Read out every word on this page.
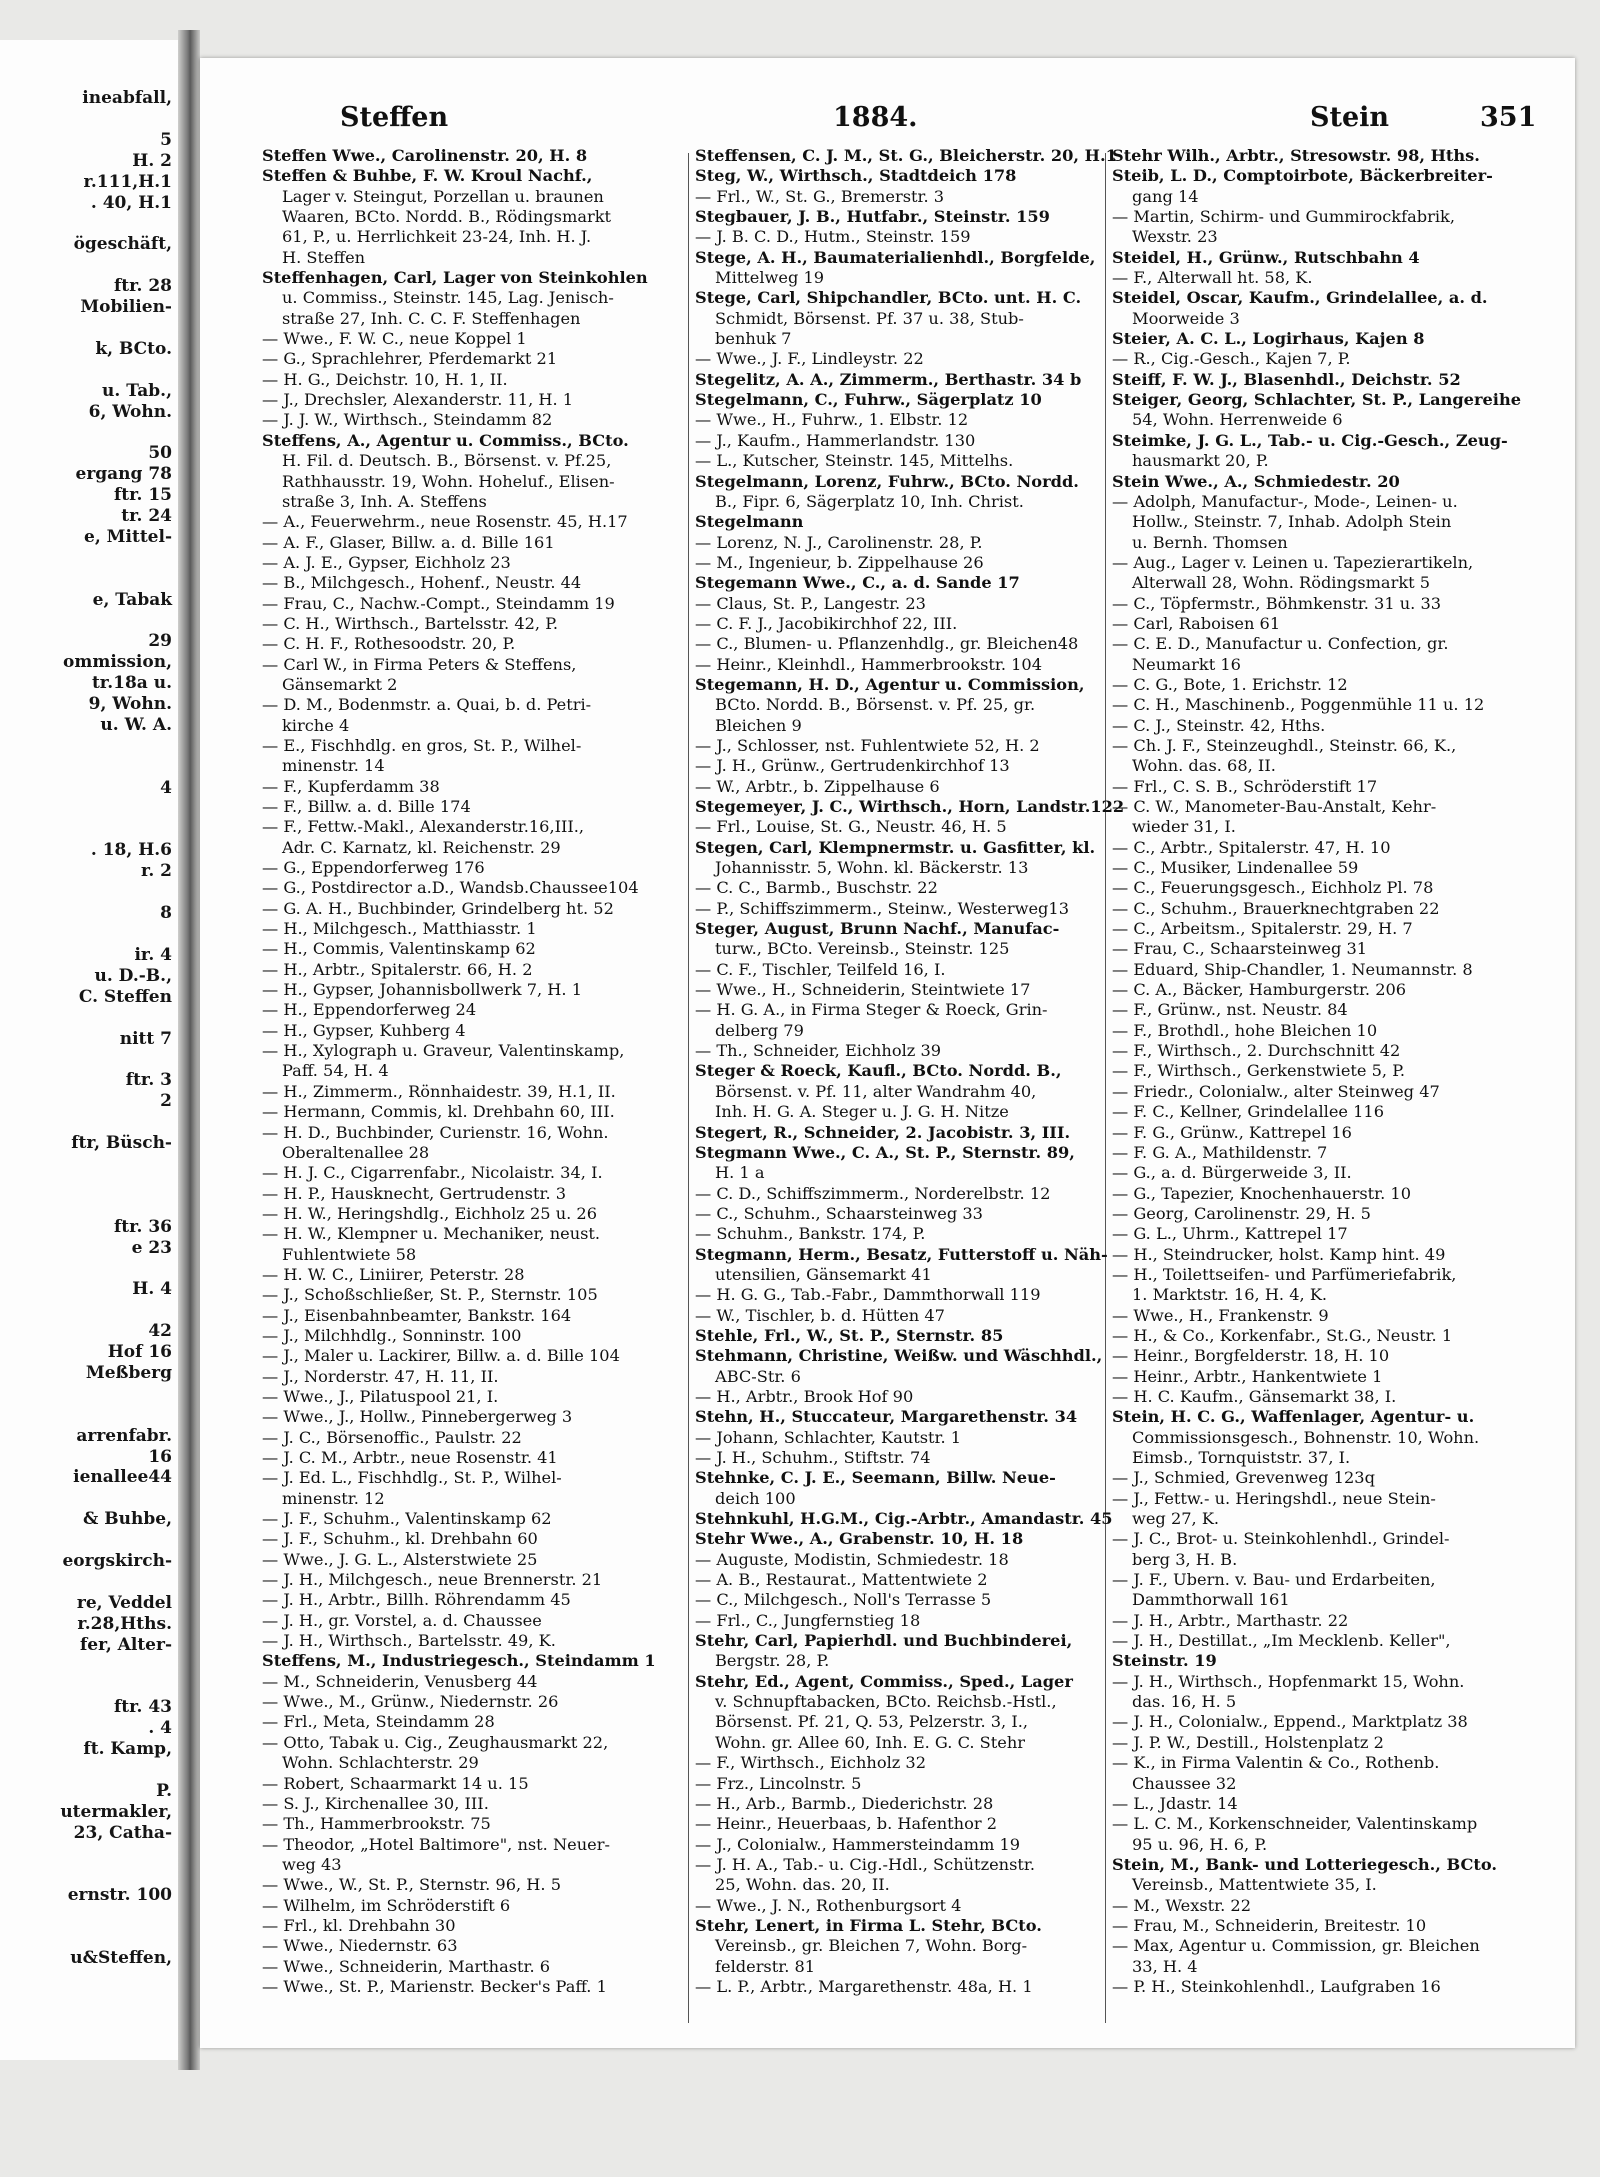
ineabfall,
5
H. 2
r.111,H.1
. 40, H.1
ögeschäft,
ftr. 28
Mobilien-
k, BCto.
u. Tab.,
6, Wohn.
50
ergang 78
ftr. 15
tr. 24
e, Mittel-
e, Tabak
29
ommission,
tr.18a u.
9, Wohn.
u. W. A.
4
. 18, H.6
r. 2
8
ir. 4
u. D.-B.,
C. Steffen
nitt 7
ftr. 3
2
ftr, Büsch-
ftr. 36
e 23
H. 4
42
Hof 16
Meßberg
arrenfabr.
16
ienallee44
& Buhbe,
eorgskirch-
re, Veddel
r.28,Hths.
fer, Alter-
ftr. 43
. 4
ft. Kamp,
P.
utermakler,
23, Catha-
ernstr. 100
u&Steffen,
Steffen	1884.	Stein	351
Steffen Wwe., Carolinenstr. 20, H. 8
Steffen & Buhbe, F. W. Kroul Nachf.,
Lager v. Steingut, Porzellan u. braunen
Waaren, BCto. Nordd. B., Rödingsmarkt
61, P., u. Herrlichkeit 23-24, Inh. H. J.
H. Steffen
Steffenhagen, Carl, Lager von Steinkohlen
u. Commiss., Steinstr. 145, Lag. Jenisch-
straße 27, Inh. C. C. F. Steffenhagen
— Wwe., F. W. C., neue Koppel 1
— G., Sprachlehrer, Pferdemarkt 21
— H. G., Deichstr. 10, H. 1, II.
— J., Drechsler, Alexanderstr. 11, H. 1
— J. J. W., Wirthsch., Steindamm 82
Steffens, A., Agentur u. Commiss., BCto.
H. Fil. d. Deutsch. B., Börsenst. v. Pf.25,
Rathhausstr. 19, Wohn. Hoheluf., Elisen-
straße 3, Inh. A. Steffens
— A., Feuerwehrm., neue Rosenstr. 45, H.17
— A. F., Glaser, Billw. a. d. Bille 161
— A. J. E., Gypser, Eichholz 23
— B., Milchgesch., Hohenf., Neustr. 44
— Frau, C., Nachw.-Compt., Steindamm 19
— C. H., Wirthsch., Bartelsstr. 42, P.
— C. H. F., Rothesoodstr. 20, P.
— Carl W., in Firma Peters & Steffens,
Gänsemarkt 2
— D. M., Bodenmstr. a. Quai, b. d. Petri-
kirche 4
— E., Fischhdlg. en gros, St. P., Wilhel-
minenstr. 14
— F., Kupferdamm 38
— F., Billw. a. d. Bille 174
— F., Fettw.-Makl., Alexanderstr.16,III.,
Adr. C. Karnatz, kl. Reichenstr. 29
— G., Eppendorferweg 176
— G., Postdirector a.D., Wandsb.Chaussee104
— G. A. H., Buchbinder, Grindelberg ht. 52
— H., Milchgesch., Matthiasstr. 1
— H., Commis, Valentinskamp 62
— H., Arbtr., Spitalerstr. 66, H. 2
— H., Gypser, Johannisbollwerk 7, H. 1
— H., Eppendorferweg 24
— H., Gypser, Kuhberg 4
— H., Xylograph u. Graveur, Valentinskamp,
Paff. 54, H. 4
— H., Zimmerm., Rönnhaidestr. 39, H.1, II.
— Hermann, Commis, kl. Drehbahn 60, III.
— H. D., Buchbinder, Curienstr. 16, Wohn.
Oberaltenallee 28
— H. J. C., Cigarrenfabr., Nicolaistr. 34, I.
— H. P., Hausknecht, Gertrudenstr. 3
— H. W., Heringshdlg., Eichholz 25 u. 26
— H. W., Klempner u. Mechaniker, neust.
Fuhlentwiete 58
— H. W. C., Liniirer, Peterstr. 28
— J., Schoßschließer, St. P., Sternstr. 105
— J., Eisenbahnbeamter, Bankstr. 164
— J., Milchhdlg., Sonninstr. 100
— J., Maler u. Lackirer, Billw. a. d. Bille 104
— J., Norderstr. 47, H. 11, II.
— Wwe., J., Pilatuspool 21, I.
— Wwe., J., Hollw., Pinnebergerweg 3
— J. C., Börsenoffic., Paulstr. 22
— J. C. M., Arbtr., neue Rosenstr. 41
— J. Ed. L., Fischhdlg., St. P., Wilhel-
minenstr. 12
— J. F., Schuhm., Valentinskamp 62
— J. F., Schuhm., kl. Drehbahn 60
— Wwe., J. G. L., Alsterstwiete 25
— J. H., Milchgesch., neue Brennerstr. 21
— J. H., Arbtr., Billh. Röhrendamm 45
— J. H., gr. Vorstel, a. d. Chaussee
— J. H., Wirthsch., Bartelsstr. 49, K.
Steffens, M., Industriegesch., Steindamm 1
— M., Schneiderin, Venusberg 44
— Wwe., M., Grünw., Niedernstr. 26
— Frl., Meta, Steindamm 28
— Otto, Tabak u. Cig., Zeughausmarkt 22,
Wohn. Schlachterstr. 29
— Robert, Schaarmarkt 14 u. 15
— S. J., Kirchenallee 30, III.
— Th., Hammerbrookstr. 75
— Theodor, „Hotel Baltimore", nst. Neuer-
weg 43
— Wwe., W., St. P., Sternstr. 96, H. 5
— Wilhelm, im Schröderstift 6
— Frl., kl. Drehbahn 30
— Wwe., Niedernstr. 63
— Wwe., Schneiderin, Marthastr. 6
— Wwe., St. P., Marienstr. Becker's Paff. 1
Steffensen, C. J. M., St. G., Bleicherstr. 20, H.1
Steg, W., Wirthsch., Stadtdeich 178
— Frl., W., St. G., Bremerstr. 3
Stegbauer, J. B., Hutfabr., Steinstr. 159
— J. B. C. D., Hutm., Steinstr. 159
Stege, A. H., Baumaterialienhdl., Borgfelde,
Mittelweg 19
Stege, Carl, Shipchandler, BCto. unt. H. C.
Schmidt, Börsenst. Pf. 37 u. 38, Stub-
benhuk 7
— Wwe., J. F., Lindleystr. 22
Stegelitz, A. A., Zimmerm., Berthastr. 34 b
Stegelmann, C., Fuhrw., Sägerplatz 10
— Wwe., H., Fuhrw., 1. Elbstr. 12
— J., Kaufm., Hammerlandstr. 130
— L., Kutscher, Steinstr. 145, Mittelhs.
Stegelmann, Lorenz, Fuhrw., BCto. Nordd.
B., Fipr. 6, Sägerplatz 10, Inh. Christ.
Stegelmann
— Lorenz, N. J., Carolinenstr. 28, P.
— M., Ingenieur, b. Zippelhause 26
Stegemann Wwe., C., a. d. Sande 17
— Claus, St. P., Langestr. 23
— C. F. J., Jacobikirchhof 22, III.
— C., Blumen- u. Pflanzenhdlg., gr. Bleichen48
— Heinr., Kleinhdl., Hammerbrookstr. 104
Stegemann, H. D., Agentur u. Commission,
BCto. Nordd. B., Börsenst. v. Pf. 25, gr.
Bleichen 9
— J., Schlosser, nst. Fuhlentwiete 52, H. 2
— J. H., Grünw., Gertrudenkirchhof 13
— W., Arbtr., b. Zippelhause 6
Stegemeyer, J. C., Wirthsch., Horn, Landstr.122
— Frl., Louise, St. G., Neustr. 46, H. 5
Stegen, Carl, Klempnermstr. u. Gasfitter, kl.
Johannisstr. 5, Wohn. kl. Bäckerstr. 13
— C. C., Barmb., Buschstr. 22
— P., Schiffszimmerm., Steinw., Westerweg13
Steger, August, Brunn Nachf., Manufac-
turw., BCto. Vereinsb., Steinstr. 125
— C. F., Tischler, Teilfeld 16, I.
— Wwe., H., Schneiderin, Steintwiete 17
— H. G. A., in Firma Steger & Roeck, Grin-
delberg 79
— Th., Schneider, Eichholz 39
Steger & Roeck, Kaufl., BCto. Nordd. B.,
Börsenst. v. Pf. 11, alter Wandrahm 40,
Inh. H. G. A. Steger u. J. G. H. Nitze
Stegert, R., Schneider, 2. Jacobistr. 3, III.
Stegmann Wwe., C. A., St. P., Sternstr. 89,
H. 1 a
— C. D., Schiffszimmerm., Norderelbstr. 12
— C., Schuhm., Schaarsteinweg 33
— Schuhm., Bankstr. 174, P.
Stegmann, Herm., Besatz, Futterstoff u. Näh-
utensilien, Gänsemarkt 41
— H. G. G., Tab.-Fabr., Dammthorwall 119
— W., Tischler, b. d. Hütten 47
Stehle, Frl., W., St. P., Sternstr. 85
Stehmann, Christine, Weißw. und Wäschhdl.,
ABC-Str. 6
— H., Arbtr., Brook Hof 90
Stehn, H., Stuccateur, Margarethenstr. 34
— Johann, Schlachter, Kautstr. 1
— J. H., Schuhm., Stiftstr. 74
Stehnke, C. J. E., Seemann, Billw. Neue-
deich 100
Stehnkuhl, H.G.M., Cig.-Arbtr., Amandastr. 45
Stehr Wwe., A., Grabenstr. 10, H. 18
— Auguste, Modistin, Schmiedestr. 18
— A. B., Restaurat., Mattentwiete 2
— C., Milchgesch., Noll's Terrasse 5
— Frl., C., Jungfernstieg 18
Stehr, Carl, Papierhdl. und Buchbinderei,
Bergstr. 28, P.
Stehr, Ed., Agent, Commiss., Sped., Lager
v. Schnupftabacken, BCto. Reichsb.-Hstl.,
Börsenst. Pf. 21, Q. 53, Pelzerstr. 3, I.,
Wohn. gr. Allee 60, Inh. E. G. C. Stehr
— F., Wirthsch., Eichholz 32
— Frz., Lincolnstr. 5
— H., Arb., Barmb., Diederichstr. 28
— Heinr., Heuerbaas, b. Hafenthor 2
— J., Colonialw., Hammersteindamm 19
— J. H. A., Tab.- u. Cig.-Hdl., Schützenstr.
25, Wohn. das. 20, II.
— Wwe., J. N., Rothenburgsort 4
Stehr, Lenert, in Firma L. Stehr, BCto.
Vereinsb., gr. Bleichen 7, Wohn. Borg-
felderstr. 81
— L. P., Arbtr., Margarethenstr. 48a, H. 1
Stehr Wilh., Arbtr., Stresowstr. 98, Hths.
Steib, L. D., Comptoirbote, Bäckerbreiter-
gang 14
— Martin, Schirm- und Gummirockfabrik,
Wexstr. 23
Steidel, H., Grünw., Rutschbahn 4
— F., Alterwall ht. 58, K.
Steidel, Oscar, Kaufm., Grindelallee, a. d.
Moorweide 3
Steier, A. C. L., Logirhaus, Kajen 8
— R., Cig.-Gesch., Kajen 7, P.
Steiff, F. W. J., Blasenhdl., Deichstr. 52
Steiger, Georg, Schlachter, St. P., Langereihe
54, Wohn. Herrenweide 6
Steimke, J. G. L., Tab.- u. Cig.-Gesch., Zeug-
hausmarkt 20, P.
Stein Wwe., A., Schmiedestr. 20
— Adolph, Manufactur-, Mode-, Leinen- u.
Hollw., Steinstr. 7, Inhab. Adolph Stein
u. Bernh. Thomsen
— Aug., Lager v. Leinen u. Tapezierartikeln,
Alterwall 28, Wohn. Rödingsmarkt 5
— C., Töpfermstr., Böhmkenstr. 31 u. 33
— Carl, Raboisen 61
— C. E. D., Manufactur u. Confection, gr.
Neumarkt 16
— C. G., Bote, 1. Erichstr. 12
— C. H., Maschinenb., Poggenmühle 11 u. 12
— C. J., Steinstr. 42, Hths.
— Ch. J. F., Steinzeughdl., Steinstr. 66, K.,
Wohn. das. 68, II.
— Frl., C. S. B., Schröderstift 17
— C. W., Manometer-Bau-Anstalt, Kehr-
wieder 31, I.
— C., Arbtr., Spitalerstr. 47, H. 10
— C., Musiker, Lindenallee 59
— C., Feuerungsgesch., Eichholz Pl. 78
— C., Schuhm., Brauerknechtgraben 22
— C., Arbeitsm., Spitalerstr. 29, H. 7
— Frau, C., Schaarsteinweg 31
— Eduard, Ship-Chandler, 1. Neumannstr. 8
— C. A., Bäcker, Hamburgerstr. 206
— F., Grünw., nst. Neustr. 84
— F., Brothdl., hohe Bleichen 10
— F., Wirthsch., 2. Durchschnitt 42
— F., Wirthsch., Gerkenstwiete 5, P.
— Friedr., Colonialw., alter Steinweg 47
— F. C., Kellner, Grindelallee 116
— F. G., Grünw., Kattrepel 16
— F. G. A., Mathildenstr. 7
— G., a. d. Bürgerweide 3, II.
— G., Tapezier, Knochenhauerstr. 10
— Georg, Carolinenstr. 29, H. 5
— G. L., Uhrm., Kattrepel 17
— H., Steindrucker, holst. Kamp hint. 49
— H., Toilettseifen- und Parfümeriefabrik,
1. Marktstr. 16, H. 4, K.
— Wwe., H., Frankenstr. 9
— H., & Co., Korkenfabr., St.G., Neustr. 1
— Heinr., Borgfelderstr. 18, H. 10
— Heinr., Arbtr., Hankentwiete 1
— H. C. Kaufm., Gänsemarkt 38, I.
Stein, H. C. G., Waffenlager, Agentur- u.
Commissionsgesch., Bohnenstr. 10, Wohn.
Eimsb., Tornquiststr. 37, I.
— J., Schmied, Grevenweg 123q
— J., Fettw.- u. Heringshdl., neue Stein-
weg 27, K.
— J. C., Brot- u. Steinkohlenhdl., Grindel-
berg 3, H. B.
— J. F., Ubern. v. Bau- und Erdarbeiten,
Dammthorwall 161
— J. H., Arbtr., Marthastr. 22
— J. H., Destillat., „Im Mecklenb. Keller",
Steinstr. 19
— J. H., Wirthsch., Hopfenmarkt 15, Wohn.
das. 16, H. 5
— J. H., Colonialw., Eppend., Marktplatz 38
— J. P. W., Destill., Holstenplatz 2
— K., in Firma Valentin & Co., Rothenb.
Chaussee 32
— L., Jdastr. 14
— L. C. M., Korkenschneider, Valentinskamp
95 u. 96, H. 6, P.
Stein, M., Bank- und Lotteriegesch., BCto.
Vereinsb., Mattentwiete 35, I.
— M., Wexstr. 22
— Frau, M., Schneiderin, Breitestr. 10
— Max, Agentur u. Commission, gr. Bleichen
33, H. 4
— P. H., Steinkohlenhdl., Laufgraben 16
